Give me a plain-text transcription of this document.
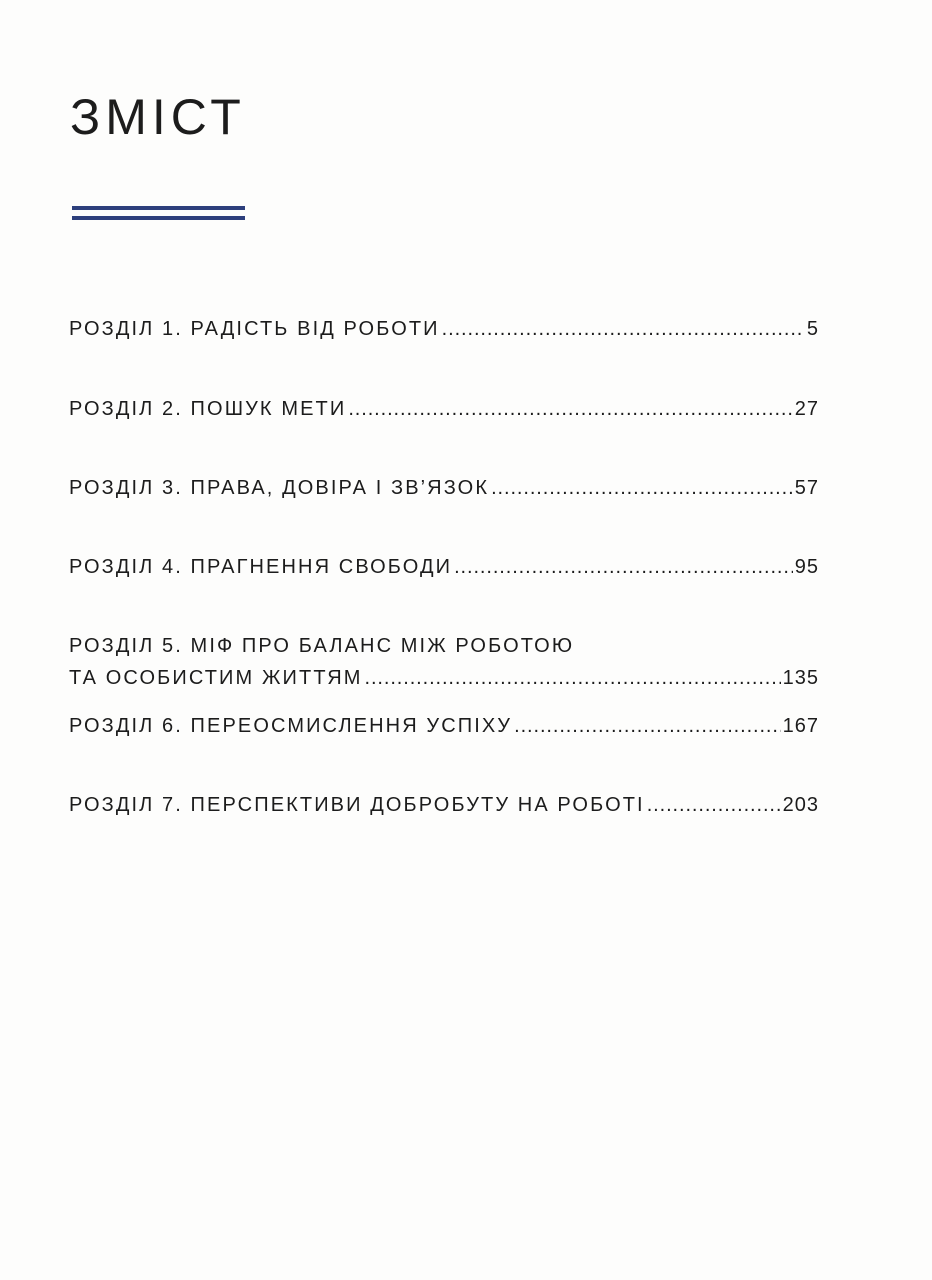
ЗМІСТ
РОЗДІЛ 1. РАДІСТЬ ВІД РОБОТИ .....	5
РОЗДІЛ 2. ПОШУК МЕТИ .....	27
РОЗДІЛ 3. ПРАВА, ДОВІРА І ЗВ’ЯЗОК .....	57
РОЗДІЛ 4. ПРАГНЕННЯ СВОБОДИ .....	95
РОЗДІЛ 5. МІФ ПРО БАЛАНС МІЖ РОБОТОЮ
ТА ОСОБИСТИМ ЖИТТЯМ .....	135
РОЗДІЛ 6. ПЕРЕОСМИСЛЕННЯ УСПІХУ .....	167
РОЗДІЛ 7. ПЕРСПЕКТИВИ ДОБРОБУТУ НА РОБОТІ .....	203
